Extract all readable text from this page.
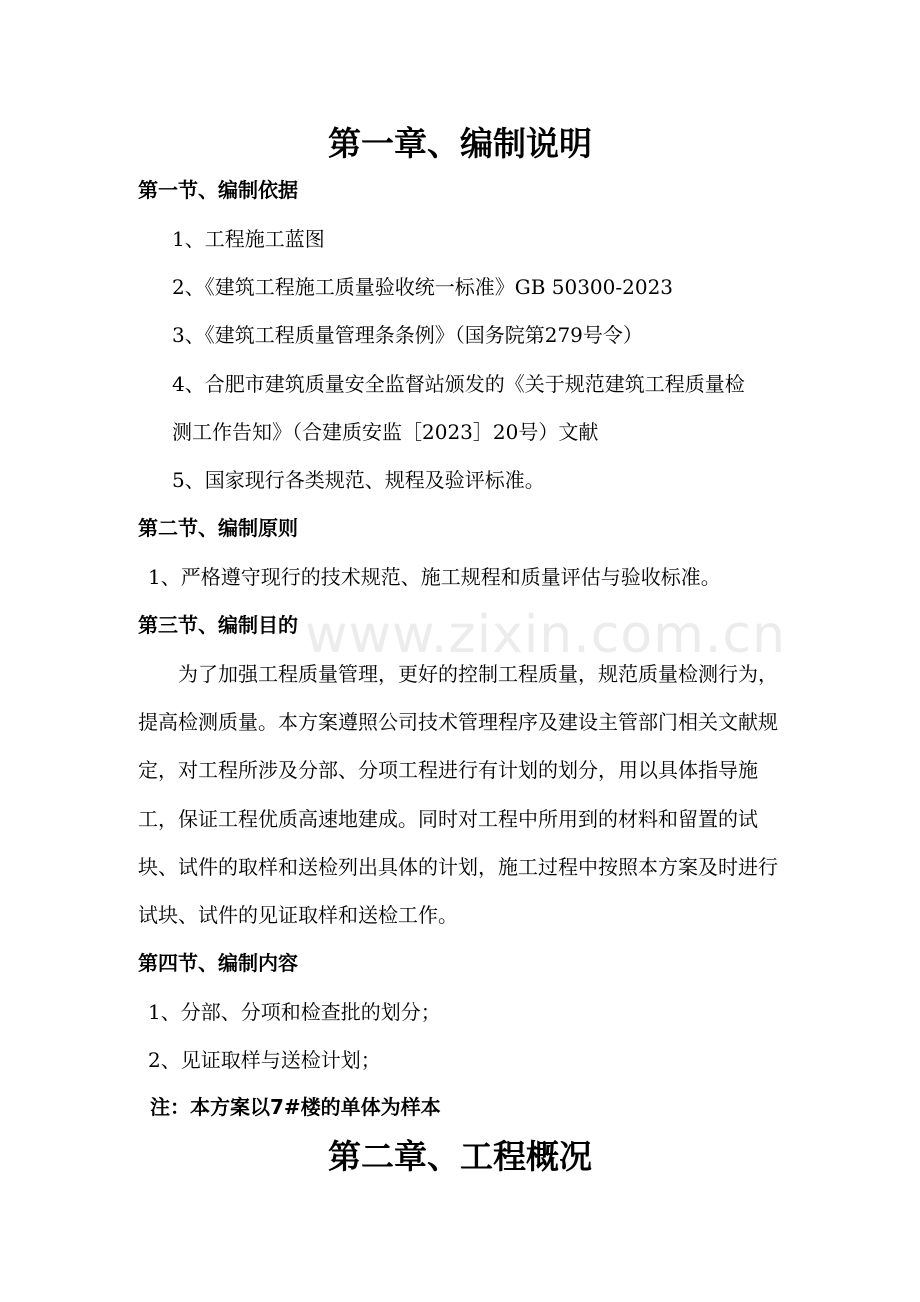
www.zixin.com.cn
第一章、编制说明
第一节、编制依据
1、工程施工蓝图
2、《建筑工程施工质量验收统一标准》GB 50300-2023
3、《建筑工程质量管理条条例》（国务院第279号令）
4、合肥市建筑质量安全监督站颁发的《关于规范建筑工程质量检
测工作告知》（合建质安监［2023］20号）文献
5、国家现行各类规范、规程及验评标准。
第二节、编制原则
1、严格遵守现行的技术规范、施工规程和质量评估与验收标准。
第三节、编制目的
为了加强工程质量管理，更好的控制工程质量，规范质量检测行为，提高检测质量。本方案遵照公司技术管理程序及建设主管部门相关文献规定，对工程所涉及分部、分项工程进行有计划的划分，用以具体指导施工，保证工程优质高速地建成。同时对工程中所用到的材料和留置的试块、试件的取样和送检列出具体的计划，施工过程中按照本方案及时进行试块、试件的见证取样和送检工作。
第四节、编制内容
1、分部、分项和检查批的划分；
2、见证取样与送检计划；
注：本方案以7#楼的单体为样本
第二章、工程概况
